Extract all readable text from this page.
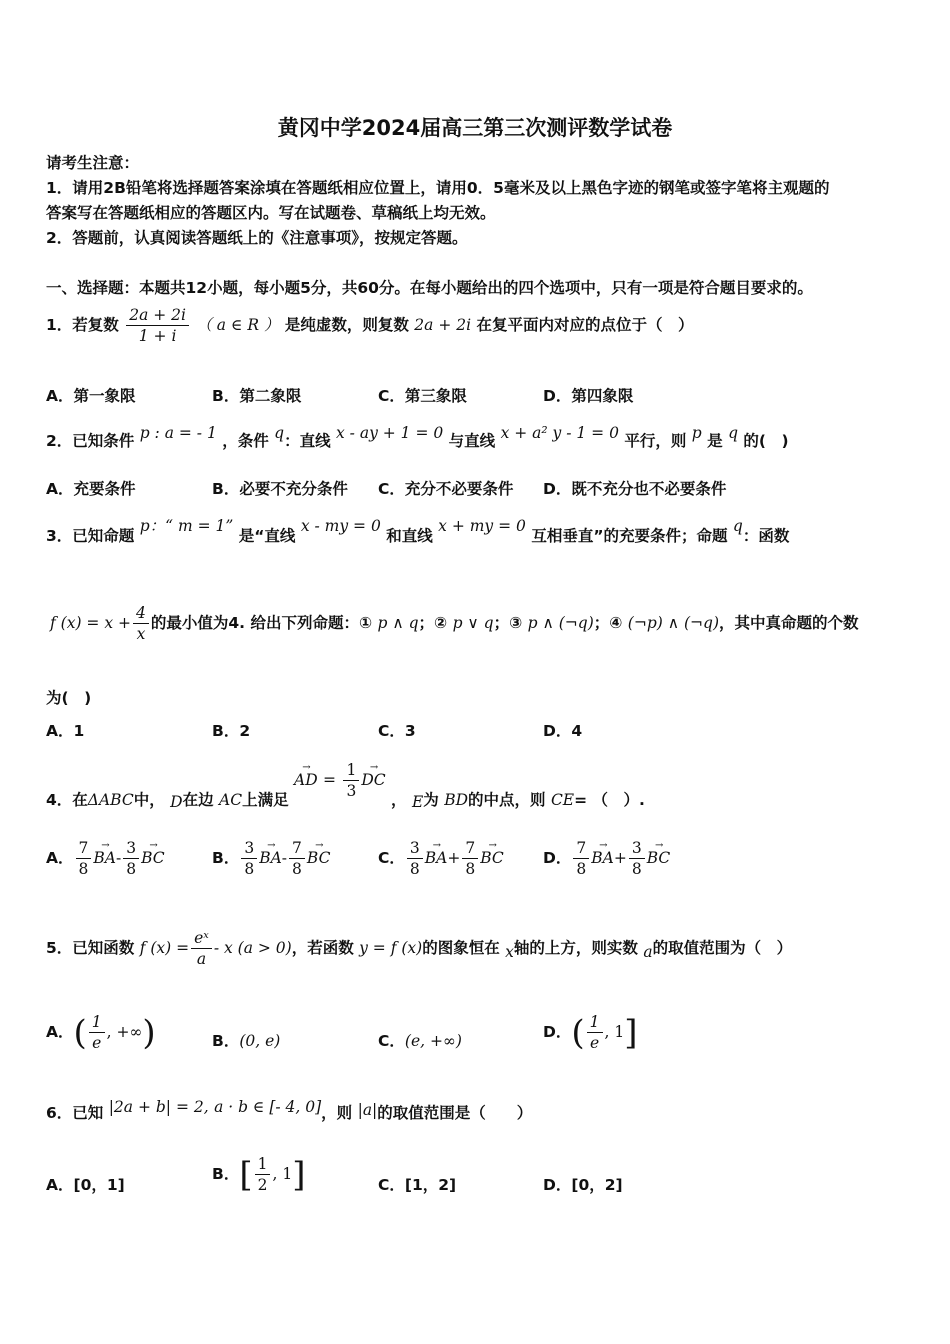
黄冈中学2024届高三第三次测评数学试卷
请考生注意：
1．请用2B铅笔将选择题答案涂填在答题纸相应位置上，请用0．5毫米及以上黑色字迹的钢笔或签字笔将主观题的
答案写在答题纸相应的答题区内。写在试题卷、草稿纸上均无效。
2．答题前，认真阅读答题纸上的《注意事项》，按规定答题。
一、选择题：本题共12小题，每小题5分，共60分。在每小题给出的四个选项中，只有一项是符合题目要求的。
1．若复数 $\frac{2a + 2i}{1 + i}$ （ a ∈ R ） 是纯虚数，则复数 2a + 2i 在复平面内对应的点位于（　）
A．第一象限	B．第二象限	C．第三象限	D．第四象限
2．已知条件 p : a = - 1 ，条件 q：直线 x - ay + 1 = 0 与直线 x + a² y - 1 = 0 平行，则 p 是 q 的(　)
A．充要条件	B．必要不充分条件 C．充分不必要条件 D．既不充分也不必要条件
3．已知命题 p：“ m = 1” 是“直线 x - my = 0 和直线 x + my = 0 互相垂直”的充要条件；命题 q：函数
f $(x) = x + \frac{4}{x}$ 的最小值为4. 给出下列命题：① p ∧ q；② p ∨ q；③ p ∧ (¬q)；④ (¬p) ∧ (¬q)，其中真命题的个数
为(　)
A．1	B．2	C．3	D．4
4．在ΔABC中， D在边 AC上满足 → AD = $\frac{1}{3}$
→ DC ， E为 BD的中点，则 CE= （　）.
A． $\frac{7}{8}$
→ $BA- \frac{3}{8}$
→ BC	B． $\frac{3}{8}$
→ $BA- \frac{7}{8}$
→ BC	C． $\frac{3}{8}$
→ $BA+ \frac{7}{8}$
→ BC	D． $\frac{7}{8}$
→ $BA+ \frac{3}{8}$
→ BC
5．已知函数 f $(x) = \frac{\text{eˣ}}{a} - x$ (a > 0)，若函数 y = f (x)的图象恒在 x轴的上方，则实数 a的取值范围为（　）
A．( $\frac{1}{e}$ , +∞)	B．(0, e)	C．(e, +∞)	D．( $\frac{1}{e}$ , 1]
6．已知 |2a + b| = 2, a · b ∈ [- 4, 0]，则 |a|的取值范围是（　　）
A．[0，1]
B．[ $\frac{1}{2}$ , 1]	C．[1，2]	D．[0，2]
